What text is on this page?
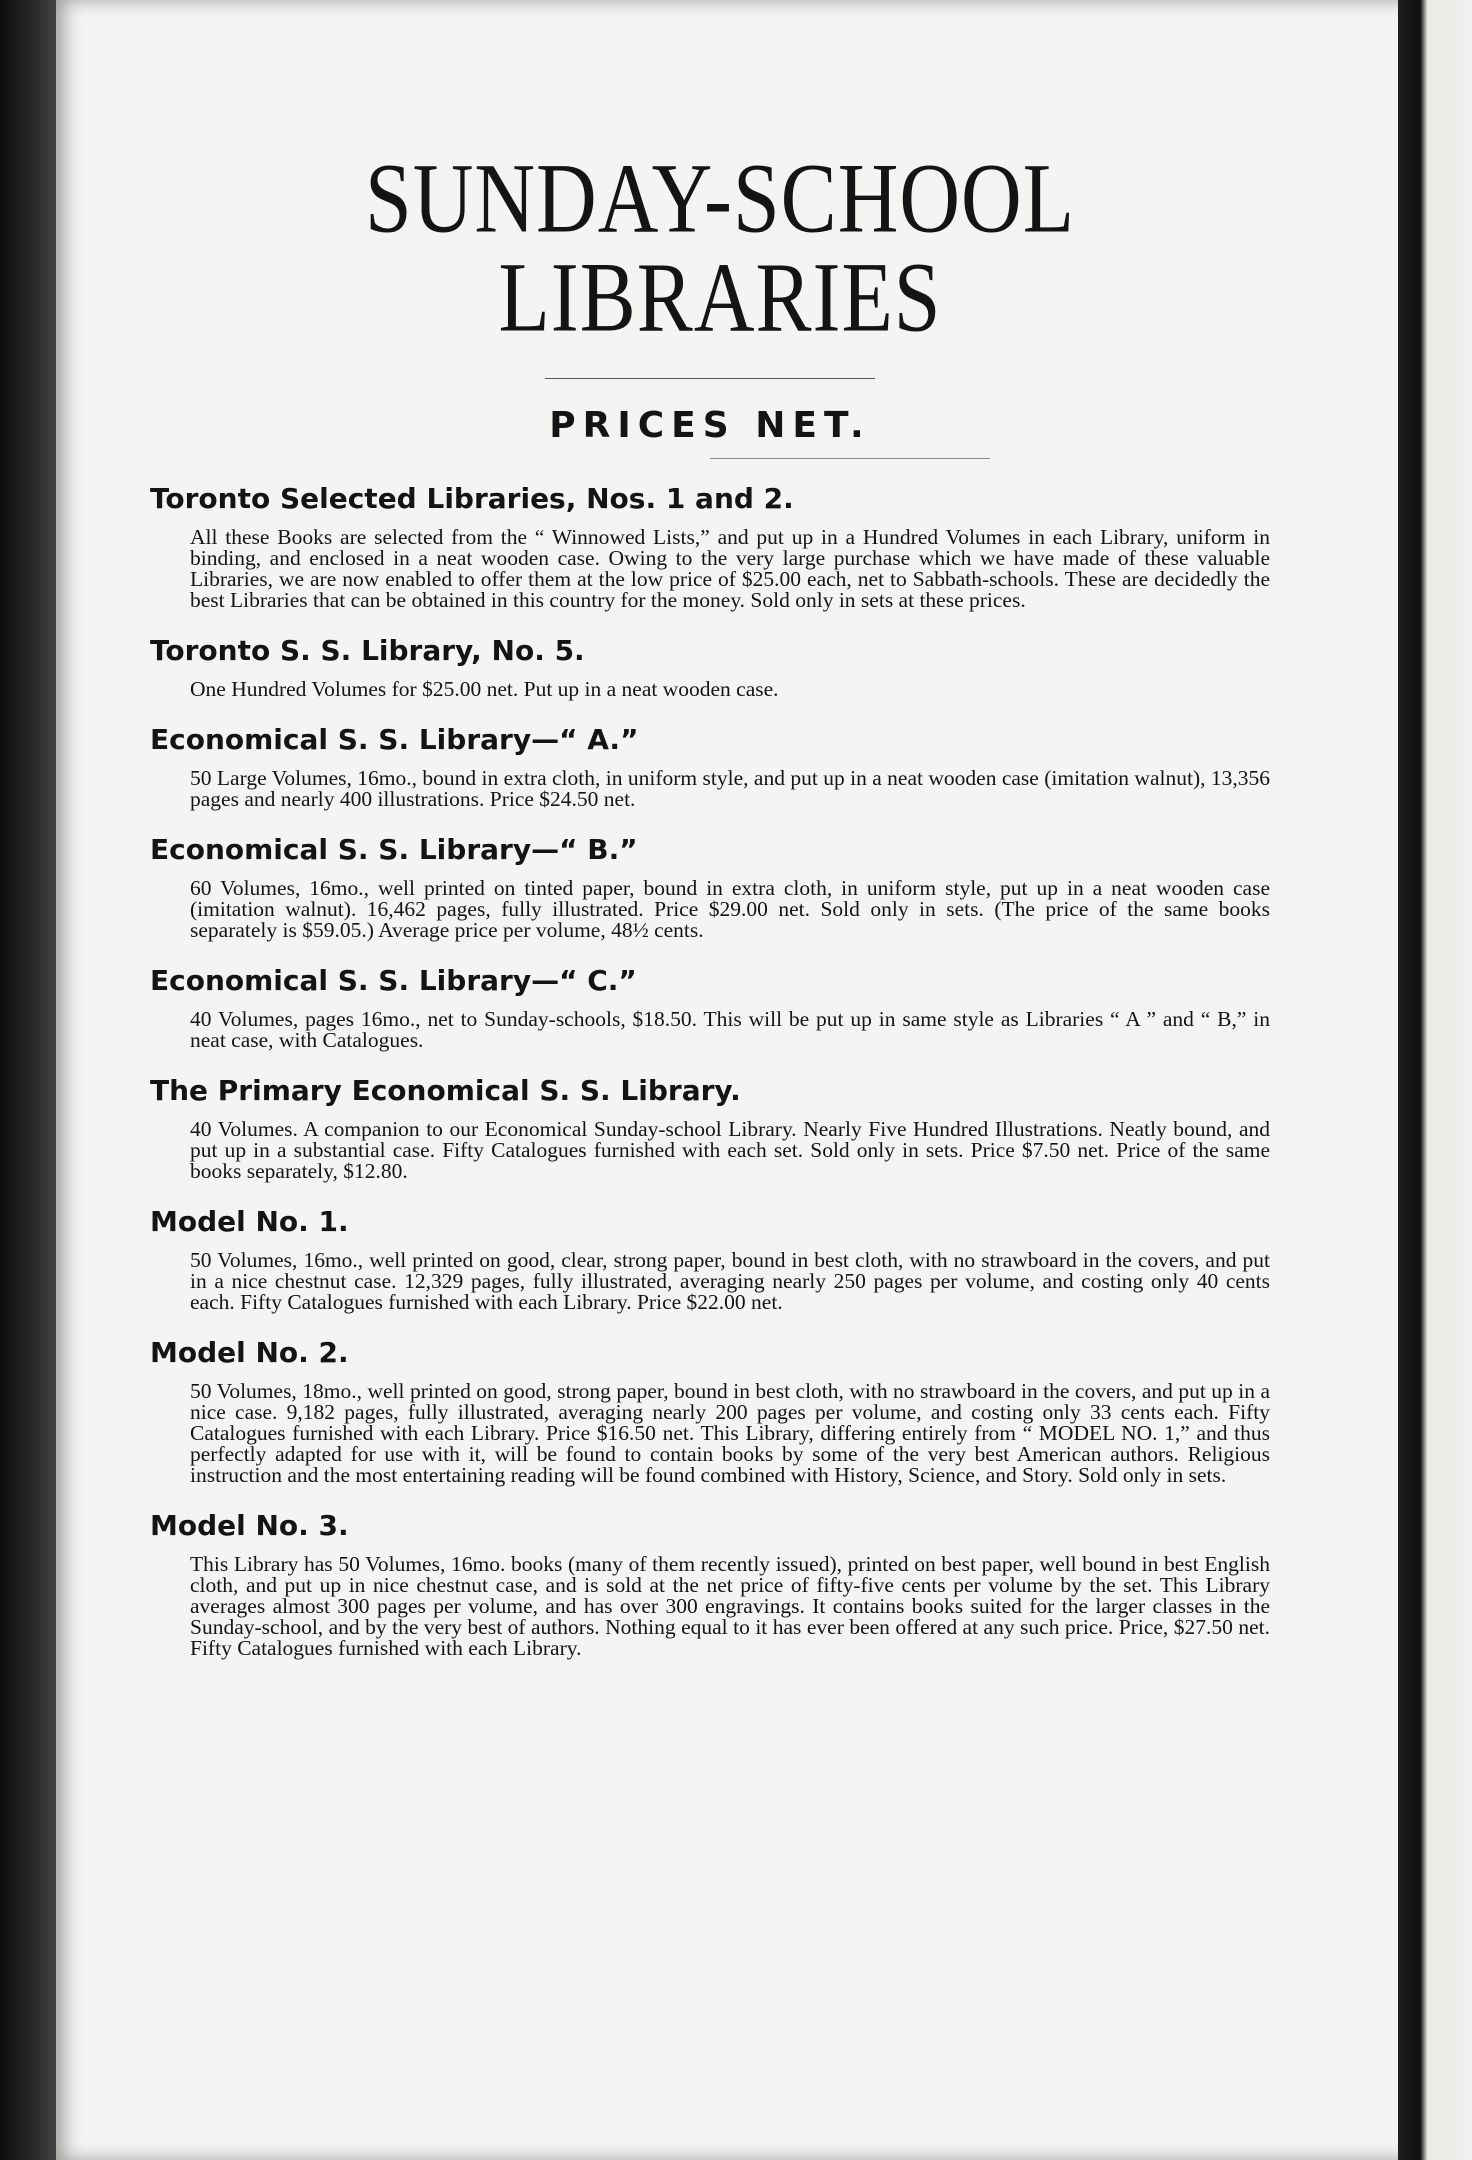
SUNDAY-SCHOOL LIBRARIES
PRICES NET.
Toronto Selected Libraries, Nos. 1 and 2.

All these Books are selected from the “ Winnowed Lists,” and put up in a Hundred Volumes in each Library, uniform in binding, and enclosed in a neat wooden case. Owing to the very large purchase which we have made of these valuable Libraries, we are now enabled to offer them at the low price of $25.00 each, net to Sabbath-schools. These are decidedly the best Libraries that can be obtained in this country for the money. Sold only in sets at these prices.

Toronto S. S. Library, No. 5.

One Hundred Volumes for $25.00 net. Put up in a neat wooden case.

Economical S. S. Library—“ A.”

50 Large Volumes, 16mo., bound in extra cloth, in uniform style, and put up in a neat wooden case (imitation walnut), 13,356 pages and nearly 400 illustrations. Price $24.50 net.

Economical S. S. Library—“ B.”

60 Volumes, 16mo., well printed on tinted paper, bound in extra cloth, in uniform style, put up in a neat wooden case (imitation walnut). 16,462 pages, fully illustrated. Price $29.00 net. Sold only in sets. (The price of the same books separately is $59.05.) Average price per volume, 48½ cents.

Economical S. S. Library—“ C.”

40 Volumes, pages 16mo., net to Sunday-schools, $18.50. This will be put up in same style as Libraries “ A ” and “ B,” in neat case, with Catalogues.

The Primary Economical S. S. Library.

40 Volumes. A companion to our Economical Sunday-school Library. Nearly Five Hundred Illustrations. Neatly bound, and put up in a substantial case. Fifty Catalogues furnished with each set. Sold only in sets. Price $7.50 net. Price of the same books separately, $12.80.

Model No. 1.

50 Volumes, 16mo., well printed on good, clear, strong paper, bound in best cloth, with no strawboard in the covers, and put in a nice chestnut case. 12,329 pages, fully illustrated, averaging nearly 250 pages per volume, and costing only 40 cents each. Fifty Catalogues furnished with each Library. Price $22.00 net.

Model No. 2.

50 Volumes, 18mo., well printed on good, strong paper, bound in best cloth, with no strawboard in the covers, and put up in a nice case. 9,182 pages, fully illustrated, averaging nearly 200 pages per volume, and costing only 33 cents each. Fifty Catalogues furnished with each Library. Price $16.50 net. This Library, differing entirely from “ MODEL NO. 1,” and thus perfectly adapted for use with it, will be found to contain books by some of the very best American authors. Religious instruction and the most entertaining reading will be found combined with History, Science, and Story. Sold only in sets.

Model No. 3.

This Library has 50 Volumes, 16mo. books (many of them recently issued), printed on best paper, well bound in best English cloth, and put up in nice chestnut case, and is sold at the net price of fifty-five cents per volume by the set. This Library averages almost 300 pages per volume, and has over 300 engravings. It contains books suited for the larger classes in the Sunday-school, and by the very best of authors. Nothing equal to it has ever been offered at any such price. Price, $27.50 net. Fifty Catalogues furnished with each Library.
